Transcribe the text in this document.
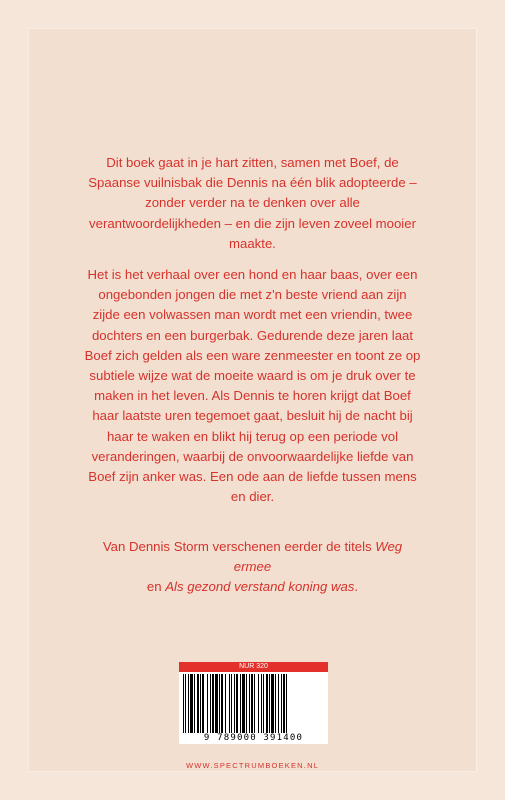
Dit boek gaat in je hart zitten, samen met Boef, de Spaanse vuilnisbak die Dennis na één blik adopteerde – zonder verder na te denken over alle verantwoordelijkheden – en die zijn leven zoveel mooier maakte.

Het is het verhaal over een hond en haar baas, over een ongebonden jongen die met z'n beste vriend aan zijn zijde een volwassen man wordt met een vriendin, twee dochters en een burgerbak. Gedurende deze jaren laat Boef zich gelden als een ware zenmeester en toont ze op subtiele wijze wat de moeite waard is om je druk over te maken in het leven. Als Dennis te horen krijgt dat Boef haar laatste uren tegemoet gaat, besluit hij de nacht bij haar te waken en blikt hij terug op een periode vol veranderingen, waarbij de onvoorwaardelijke liefde van Boef zijn anker was. Een ode aan de liefde tussen mens en dier.

Van Dennis Storm verschenen eerder de titels Weg ermee
en Als gezond verstand koning was.

NUR 320
9 789000 391400
WWW.SPECTRUMBOEKEN.NL
